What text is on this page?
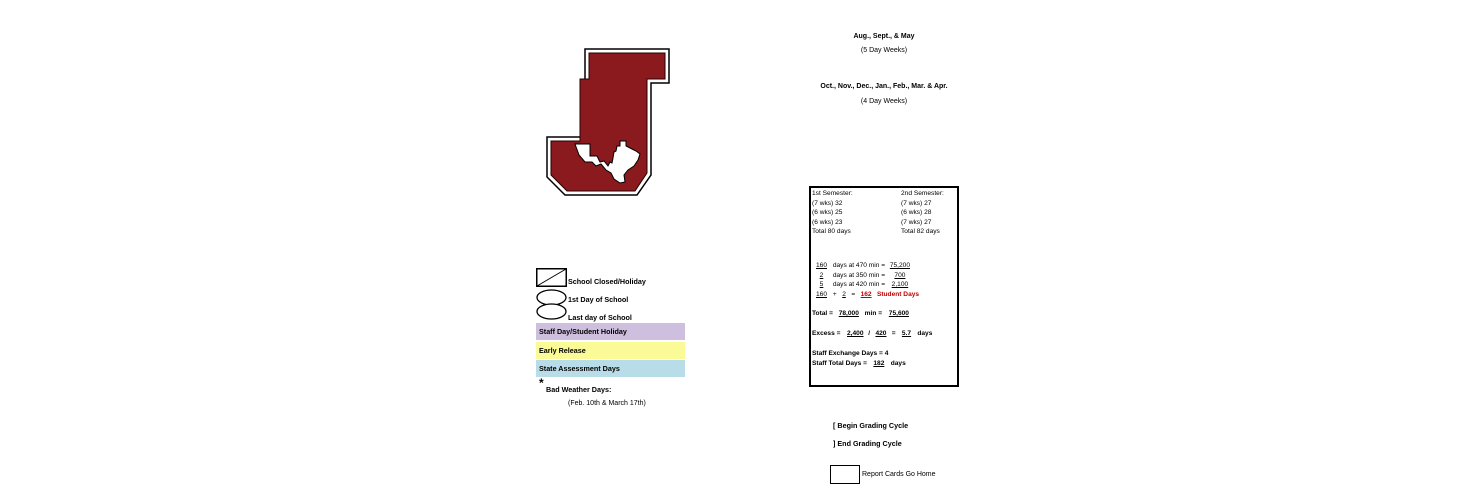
Aug., Sept., & May
(5 Day Weeks)
Oct., Nov., Dec., Jan., Feb., Mar. & Apr.
(4 Day Weeks)
School Closed/Holiday
1st Day of School
Last day of School
Staff Day/Student Holiday
Early Release
State Assessment Days
* Bad Weather Days:
(Feb. 10th & March 17th)
1st Semester:
(7 wks) 32
(6 wks) 25
(6 wks) 23
Total 80 days
2nd Semester:
(7 wks) 27
(6 wks) 28
(7 wks) 27
Total 82 days
160 days at 470 min = 75,200
2 days at 350 min = 700
5 days at 420 min = 2,100
160 + 2 = 162 Student Days
Total = 78,000 min = 75,600
Excess = 2,400 / 420 = 5.7 days
Staff Exchange Days = 4
Staff Total Days = 182 days
[ Begin Grading Cycle
] End Grading Cycle
Report Cards Go Home
